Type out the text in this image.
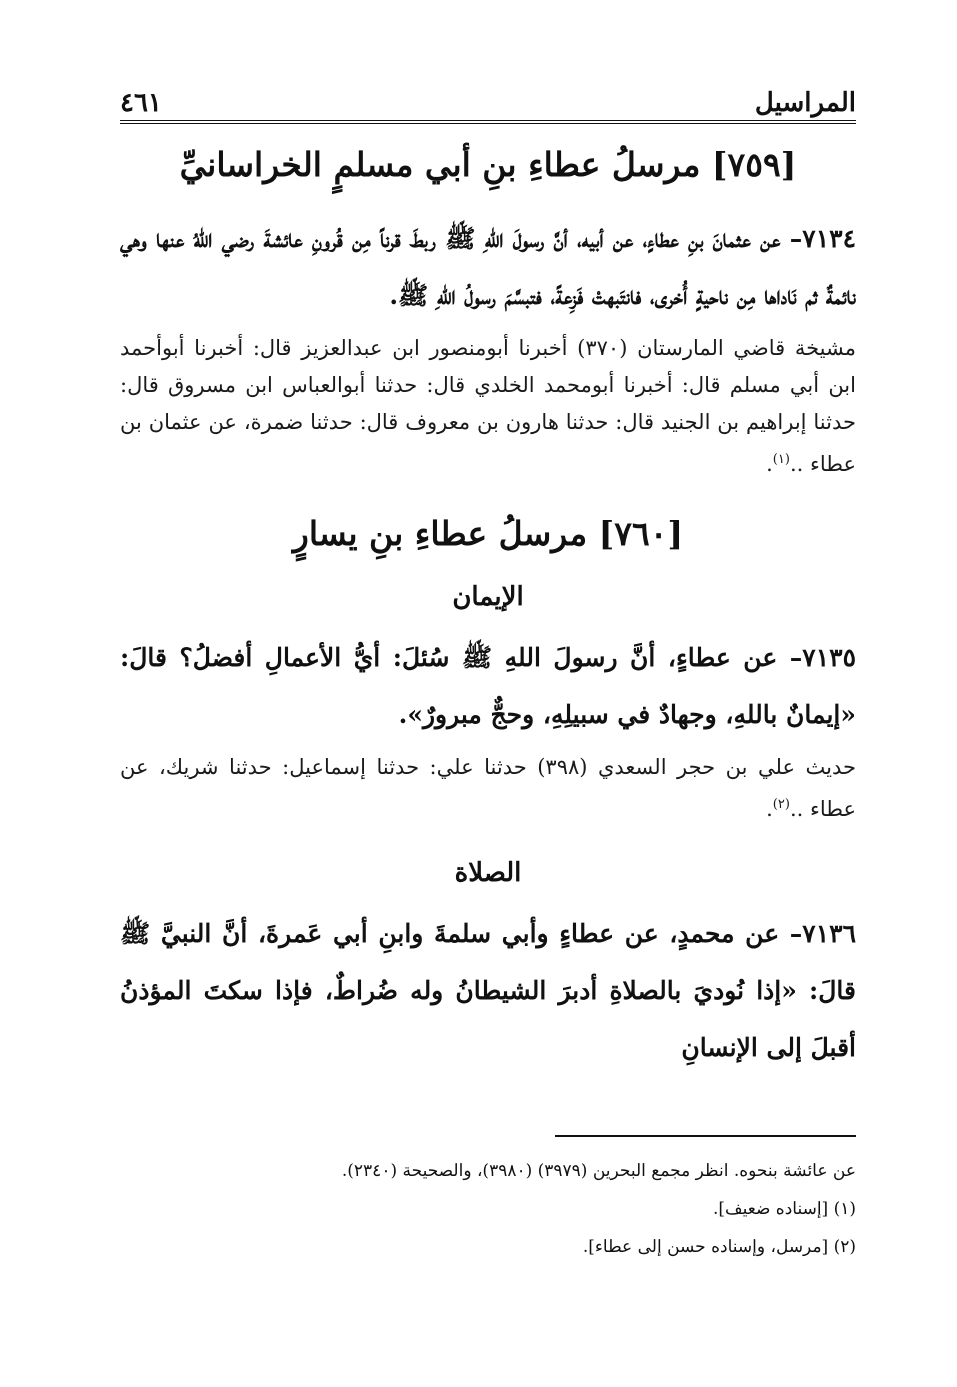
المراسيل
٤٦١
[٧٥٩] مرسلُ عطاءِ بنِ أبي مسلمٍ الخراسانيِّ

٧١٣٤– عن عثمانَ بنِ عطاءٍ، عن أبيه، أنَّ رسولَ اللهِ ﷺ ربطَ قرناً مِن قُرونِ عائشةَ رضي اللهُ عنها وهي نائمةٌ ثم نَاداها مِن ناحيةٍ أُخرى، فانتَبهتْ فَزِعةً، فتبسَّمَ رسولُ اللهِ ﷺ.

مشيخة قاضي المارستان (٣٧٠) أخبرنا أبومنصور ابن عبدالعزيز قال: أخبرنا أبوأحمد ابن أبي مسلم قال: أخبرنا أبومحمد الخلدي قال: حدثنا أبوالعباس ابن مسروق قال: حدثنا إبراهيم بن الجنيد قال: حدثنا هارون بن معروف قال: حدثنا ضمرة، عن عثمان بن عطاء ..$^{(١)}$.

[٧٦٠] مرسلُ عطاءِ بنِ يسارٍ
الإيمان

٧١٣٥– عن عطاءٍ، أنَّ رسولَ اللهِ ﷺ سُئلَ: أيُّ الأعمالِ أفضلُ؟ قالَ: «إيمانٌ باللهِ، وجهادٌ في سبيلِهِ، وحجٌّ مبرورٌ».

حديث علي بن حجر السعدي (٣٩٨) حدثنا علي: حدثنا إسماعيل: حدثنا شريك، عن عطاء ..$^{(٢)}$.

الصلاة

٧١٣٦– عن محمدٍ، عن عطاءٍ وأبي سلمةَ وابنِ أبي عَمرةَ، أنَّ النبيَّ ﷺ قالَ: «إذا نُوديَ بالصلاةِ أدبرَ الشيطانُ وله ضُراطٌ، فإذا سكتَ المؤذنُ أقبلَ إلى الإنسانِ

عن عائشة بنحوه. انظر مجمع البحرين (٣٩٧٩) (٣٩٨٠)، والصحيحة (٢٣٤٠).

(١) [إسناده ضعيف].

(٢) [مرسل، وإسناده حسن إلى عطاء].
